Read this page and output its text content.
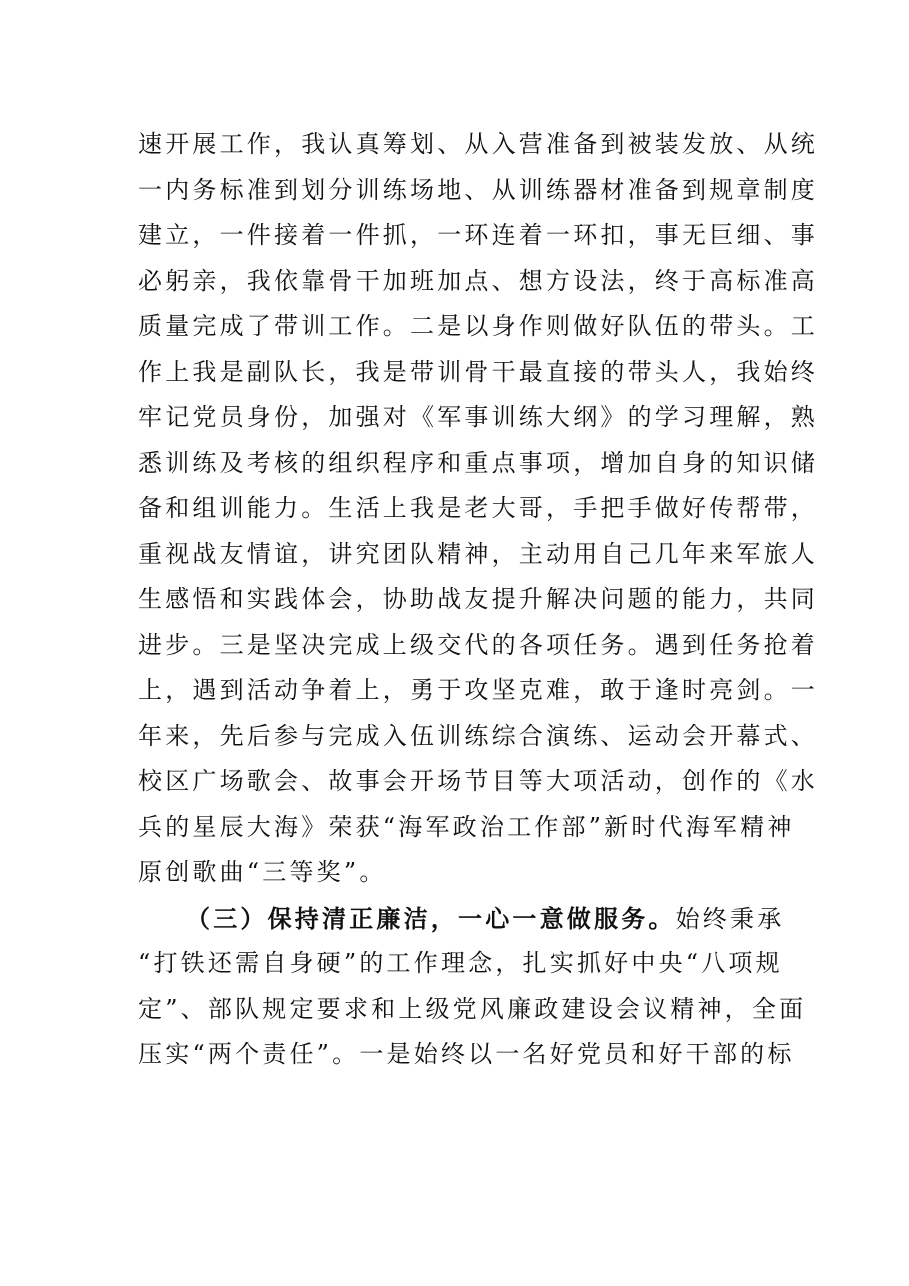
速开展工作，我认真筹划、从入营准备到被装发放、从统
一内务标准到划分训练场地、从训练器材准备到规章制度
建立，一件接着一件抓，一环连着一环扣，事无巨细、事
必躬亲，我依靠骨干加班加点、想方设法，终于高标准高
质量完成了带训工作。二是以身作则做好队伍的带头。工
作上我是副队长，我是带训骨干最直接的带头人，我始终
牢记党员身份，加强对《军事训练大纲》的学习理解，熟
悉训练及考核的组织程序和重点事项，增加自身的知识储
备和组训能力。生活上我是老大哥，手把手做好传帮带，
重视战友情谊，讲究团队精神，主动用自己几年来军旅人
生感悟和实践体会，协助战友提升解决问题的能力，共同
进步。三是坚决完成上级交代的各项任务。遇到任务抢着
上，遇到活动争着上，勇于攻坚克难，敢于逢时亮剑。一
年来，先后参与完成入伍训练综合演练、运动会开幕式、
校区广场歌会、故事会开场节目等大项活动，创作的《水
兵的星辰大海》荣获“海军政治工作部”新时代海军精神
原创歌曲“三等奖”。
（三）保持清正廉洁，一心一意做服务。始终秉承
“打铁还需自身硬”的工作理念，扎实抓好中央“八项规
定”、部队规定要求和上级党风廉政建设会议精神，全面
压实“两个责任”。一是始终以一名好党员和好干部的标
